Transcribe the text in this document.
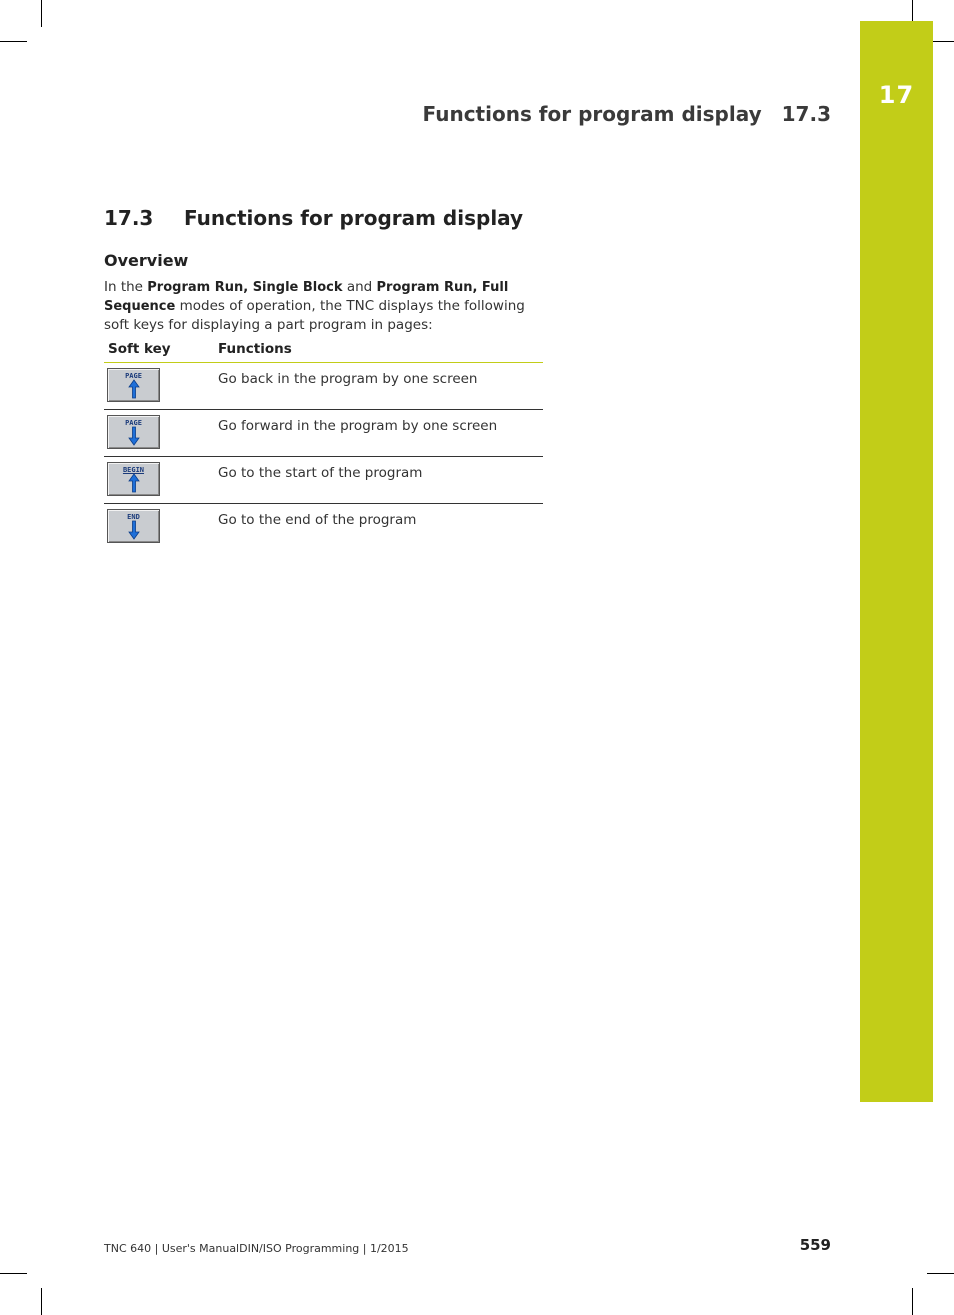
17
Functions for program display 17.3
17.3 Functions for program display
Overview
In the Program Run, Single Block and Program Run, Full Sequence modes of operation, the TNC displays the following soft keys for displaying a part program in pages:
Soft key	Functions
PAGE	Go back in the program by one screen
PAGE	Go forward in the program by one screen
BEGIN	Go to the start of the program
END	Go to the end of the program
TNC 640 | User's ManualDIN/ISO Programming | 1/2015	559
